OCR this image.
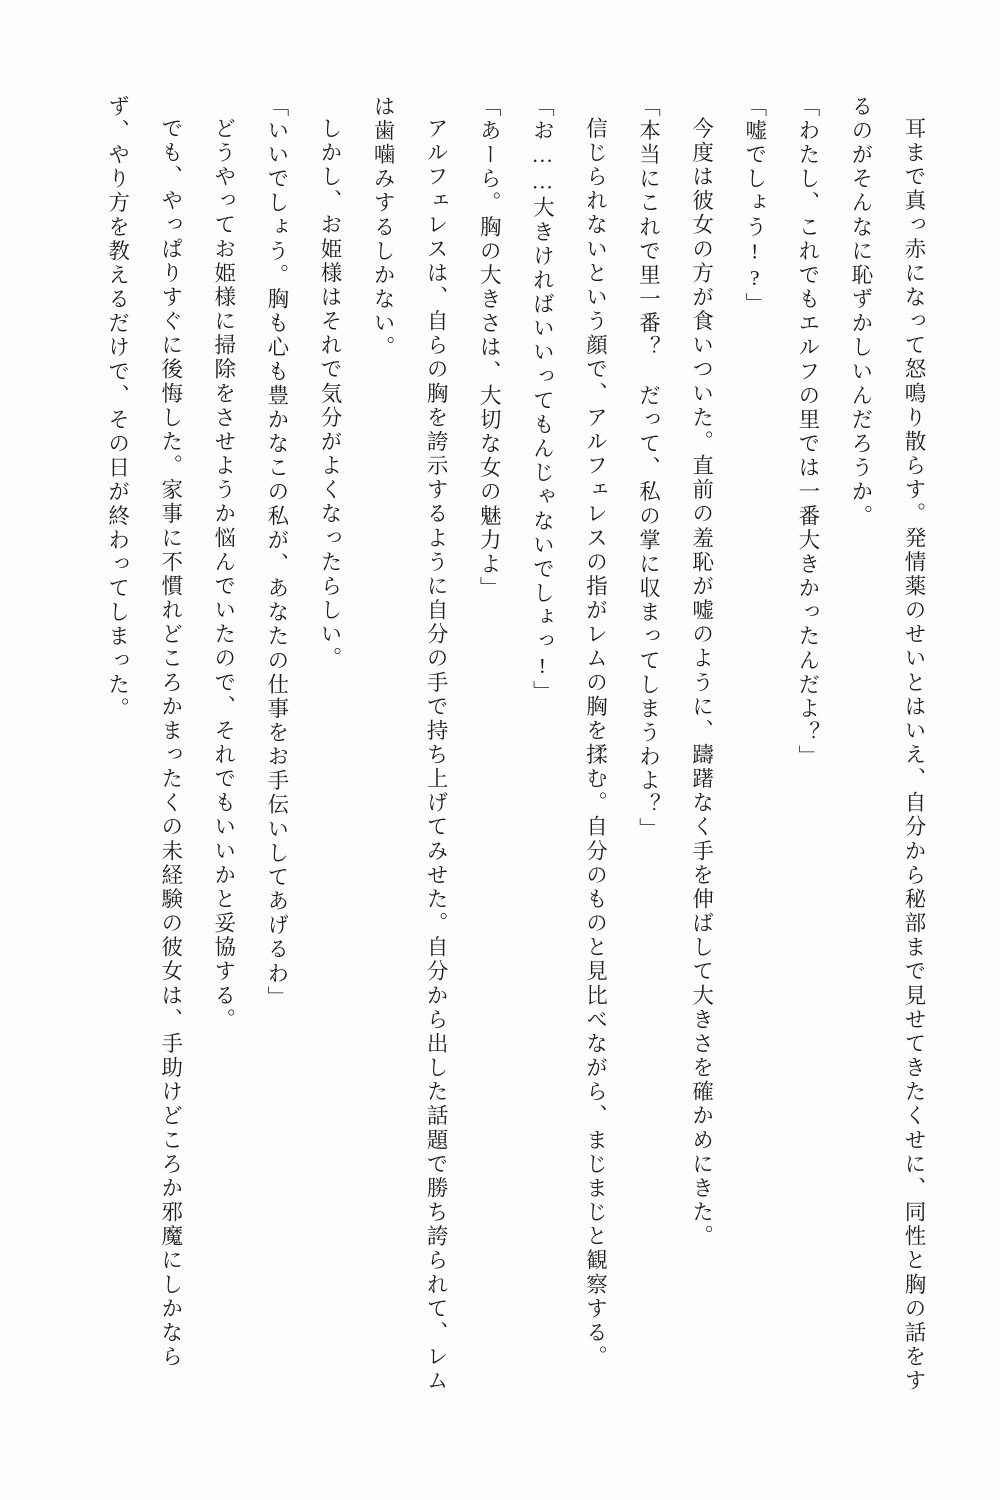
耳まで真っ赤になって怒鳴り散らす。発情薬のせいとはいえ、自分から秘部まで見せてきたくせに、同性と胸の話をするのがそんなに恥ずかしいんだろうか。

「わたし、これでもエルフの里では一番大きかったんだよ？」

「嘘でしょう!?」

今度は彼女の方が食いついた。直前の羞恥が嘘のように、躊躇なく手を伸ばして大きさを確かめにきた。

「本当にこれで里一番？　だって、私の掌に収まってしまうわよ？」

信じられないという顔で、アルフェレスの指がレムの胸を揉む。自分のものと見比べながら、まじまじと観察する。

「お……大きければいいってもんじゃないでしょっ!」

「あーら。胸の大きさは、大切な女の魅力よ」

アルフェレスは、自らの胸を誇示するように自分の手で持ち上げてみせた。自分から出した話題で勝ち誇られて、レムは歯噛みするしかない。

しかし、お姫様はそれで気分がよくなったらしい。

「いいでしょう。胸も心も豊かなこの私が、あなたの仕事をお手伝いしてあげるわ」

どうやってお姫様に掃除をさせようか悩んでいたので、それでもいいかと妥協する。

でも、やっぱりすぐに後悔した。家事に不慣れどころかまったくの未経験の彼女は、手助けどころか邪魔にしかならず、やり方を教えるだけで、その日が終わってしまった。
